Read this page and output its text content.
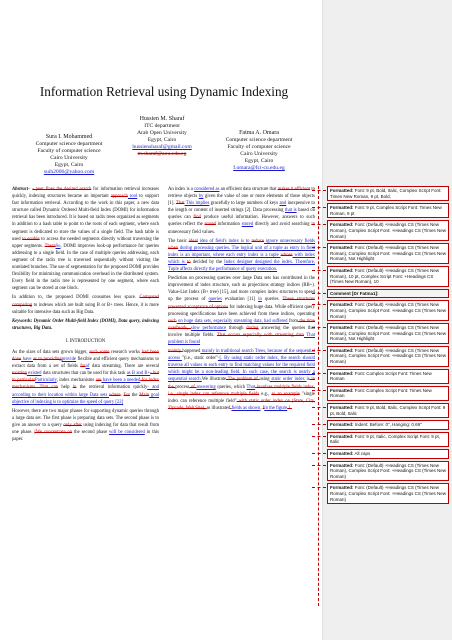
Information Retrieval using Dynamic Indexing
Sura I. Mohammed
Computer science department
Faculty of computer science
Cairo University
Egypt, Cairo
suih2006@yahoo.com
Hussien M. Sharaf
ITC department
Arab Open University
Egypt, Cairo
hussiensharaf@gmail.com
m.sharaf@aou.edu.eg
Fatma A. Omara
Computer science department
Faculty of computer science
Cairo University
Egypt, Cairo
f.omara@fci-cu.edu.eg

Abstract– - peer fines the desired search for information retrieval increases quickly, indexing structures became an important approach tool to support fast information retrieval. According to the work in this paper, a new data structure called Dynamic Ordered Multi-field Index (DOMI) for information retrieval has been introduced. It is based on radix trees organized as segments in addition to a hash table to point to the roots of each segment, where each segment is dedicated to store the values of a single field. The hash table is used to enable to access the needed segments directly without traversing the upper segments. ThereSo, DOMI improves look-up performance for queries addressing to a single field. In the case of multiple queries addressing, each segment of the radix tree is traversed sequentially without visiting the unrelated branches. The use of segmentation for the proposed DOMI provides flexibility for minimizing communication overhead in the distributed system. Every field in the radix tree is represented by one segment, where each segment can be stored at one block.

In addition to, the proposed DOMI consumes less space. Compared comparing to indexes which are built using B or B+ trees. Hence, it is more suitable for intensive data such as Big Data.

Keywords: Dynamic Order Multi-field Index (DOMI), Data query, indexing structures, Big Data.

I. INTRODUCTION

As the sizes of data sets grown bigger, such some research works had been done have as to providingprovide flexible and efficient query mechanisms to extract data from a set of fields forof data streaming. There are several existing existed data structures that can be used for this task as B and B+- but in particularParticularly, index mechanisms are have been a needed for index mechanisms. That can help in the retrieval information quickly- and according to their location within large Data sets where. For the Main goal objective of indexing is to optimize the speed of query [22]

However, there are two major phases for supporting dynamic queries through a large data set. The first phase is preparing data sets. The second phase is to give an answer to a query only after using indexing for data that result from one phase. [We concentrate on the second phase will be considered in this paper.

An index is a considered as an efficient data structure that makes it efficient to retrieve objects by given the value of one or more elements of those objects [1]. That This implies gracefully to large numbers of keys and inexpensive to the length or content of inserted strings [2]. Data processing that is based on queries can find produce useful information. However, answers to such queries reflect the stored information stored directly and avoid searching in unnecessary field values.

The basic ideal idea of field's index is to reduce ignore unnecessary fields when during processing queries. The logical unit of a tuple as entry in field index is an important, where each entry index is a tuple whose with index which is to decided by the Index designer designed the index. Therefore, Tuple affects directly the performance of query execution.

Prediction on processing queries over large Data sets has contributed in the improvement of index structure, such as projections strategy indices (RB+). Value-List Index (B+ tree) [15], and more complex index structures to speed up the process of queries evaluation [11] in queries. These structures presented acceptance of options for indexing huge data. While efficient query processing specifications have been achieved from these indices, operating such on huge data sets, especially streaming data, had suffered from the time overheads, slow performance through during answering the queries that involve multiple fields. That occurs especially with streaming data That problem is found

mainly happened mainly in traditional search Trees, because of the sequential access "(i.e., static order"-[. By using static order index, the search should traverse all values in each entry to find matching values for the required field which might be a non-leading field. In such case, the search is nearly a sequential search.We illustrate The problem of using static order index is in the process of answering queries, which That involves multiple fields index, i.e., single index can reference multiple fields e.g., as an example "single index can reference multiple field" with static order index on (State, City, Zipcode, Web Site), as illustrated fields as shown, Iin the figure 1.

Formatted: Font: 9 pt, Bold, Italic, Complex Script Font: Times New Roman, 9 pt, Bold,
Formatted: Font: 9 pt, Complex Script Font: Times New Roman, 9 pt
Formatted: Font: (Default) +Headings CS (Times New Roman), Complex Script Font: +Headings CS (Times New Roman)
Formatted: Font: (Default) +Headings CS (Times New Roman), Complex Script Font: +Headings CS (Times New Roman), Not Highlight
Formatted: Font: (Default) +Headings CS (Times New Roman), 10 pt, Complex Script Font: +Headings CS (Times New Roman), 10
Comment [Dr Fatma1]:
Formatted: Font: (Default) +Headings CS (Times New Roman), Complex Script Font: +Headings CS (Times New Roman)
Formatted: Font: (Default) +Headings CS (Times New Roman), Complex Script Font: +Headings CS (Times New Roman), Not Highlight
Formatted: Font: (Default) +Headings CS (Times New Roman), Complex Script Font: +Headings CS (Times New Roman)
Formatted: Font: Complex Script Font: Times New Roman
Formatted: Font: Complex Script Font: Times New Roman
Formatted: Font: 9 pt, Bold, Italic, Complex Script Font: 9 pt, Bold, Italic
Formatted: Indent: Before: 0", Hanging: 0.69"
Formatted: Font: 9 pt, Italic, Complex Script Font: 9 pt, Italic
Formatted: All caps
Formatted: Font: (Default) +Headings CS (Times New Roman), Complex Script Font: +Headings CS (Times New Roman)
Formatted: Font: (Default) +Headings CS (Times New Roman), Complex Script Font: +Headings CS (Times New Roman)
